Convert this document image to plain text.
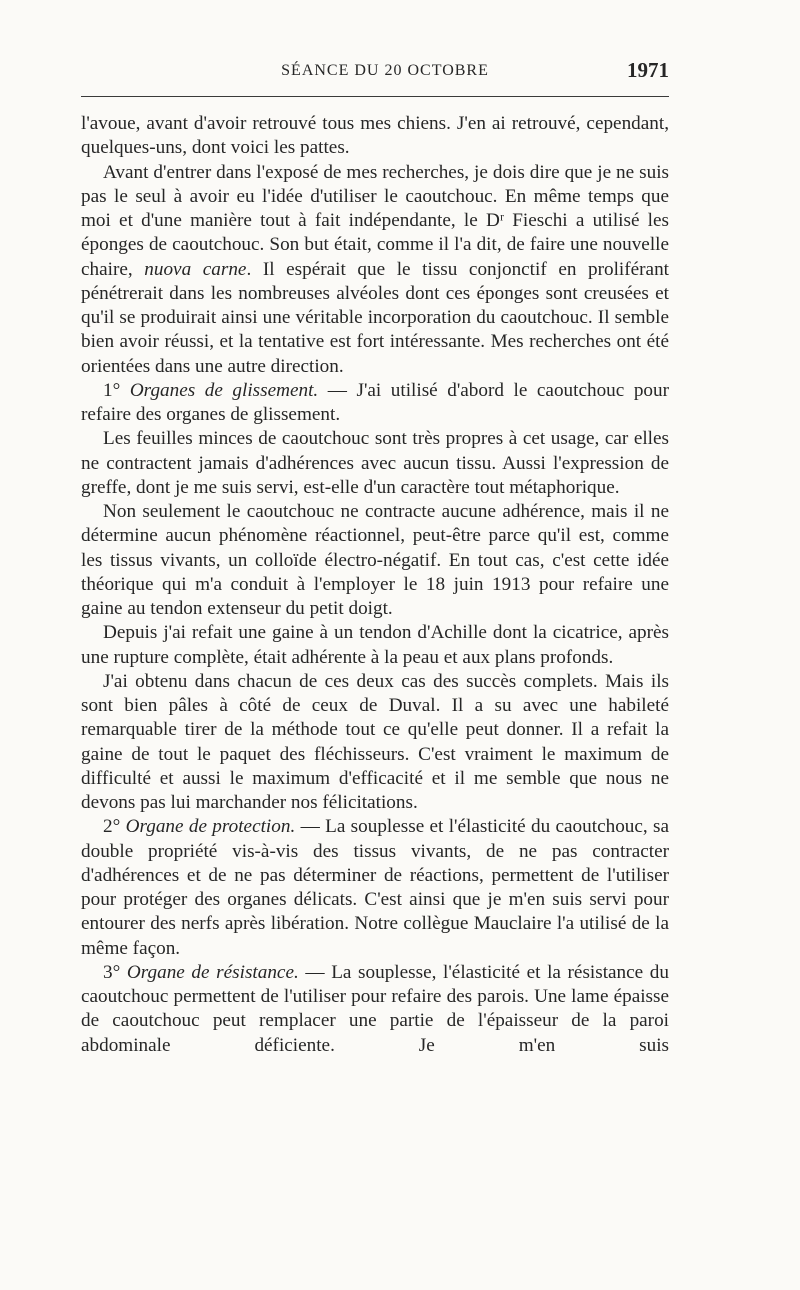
SÉANCE DU 20 OCTOBRE	1971

l'avoue, avant d'avoir retrouvé tous mes chiens. J'en ai retrouvé, cependant, quelques-uns, dont voici les pattes.

Avant d'entrer dans l'exposé de mes recherches, je dois dire que je ne suis pas le seul à avoir eu l'idée d'utiliser le caoutchouc. En même temps que moi et d'une manière tout à fait indépendante, le Dʳ Fieschi a utilisé les éponges de caoutchouc. Son but était, comme il l'a dit, de faire une nouvelle chaire, nuova carne. Il espérait que le tissu conjonctif en proliférant pénétrerait dans les nombreuses alvéoles dont ces éponges sont creusées et qu'il se produirait ainsi une véritable incorporation du caoutchouc. Il semble bien avoir réussi, et la tentative est fort intéressante. Mes recherches ont été orientées dans une autre direction.

1° Organes de glissement. — J'ai utilisé d'abord le caoutchouc pour refaire des organes de glissement.

Les feuilles minces de caoutchouc sont très propres à cet usage, car elles ne contractent jamais d'adhérences avec aucun tissu. Aussi l'expression de greffe, dont je me suis servi, est-elle d'un caractère tout métaphorique.

Non seulement le caoutchouc ne contracte aucune adhérence, mais il ne détermine aucun phénomène réactionnel, peut-être parce qu'il est, comme les tissus vivants, un colloïde électro-négatif. En tout cas, c'est cette idée théorique qui m'a conduit à l'employer le 18 juin 1913 pour refaire une gaine au tendon extenseur du petit doigt.

Depuis j'ai refait une gaine à un tendon d'Achille dont la cicatrice, après une rupture complète, était adhérente à la peau et aux plans profonds.

J'ai obtenu dans chacun de ces deux cas des succès complets. Mais ils sont bien pâles à côté de ceux de Duval. Il a su avec une habileté remarquable tirer de la méthode tout ce qu'elle peut donner. Il a refait la gaine de tout le paquet des fléchisseurs. C'est vraiment le maximum de difficulté et aussi le maximum d'efficacité et il me semble que nous ne devons pas lui marchander nos félicitations.

2° Organe de protection. — La souplesse et l'élasticité du caoutchouc, sa double propriété vis-à-vis des tissus vivants, de ne pas contracter d'adhérences et de ne pas déterminer de réactions, permettent de l'utiliser pour protéger des organes délicats. C'est ainsi que je m'en suis servi pour entourer des nerfs après libération. Notre collègue Mauclaire l'a utilisé de la même façon.

3° Organe de résistance. — La souplesse, l'élasticité et la résistance du caoutchouc permettent de l'utiliser pour refaire des parois. Une lame épaisse de caoutchouc peut remplacer une partie de l'épaisseur de la paroi abdominale déficiente. Je m'en suis
